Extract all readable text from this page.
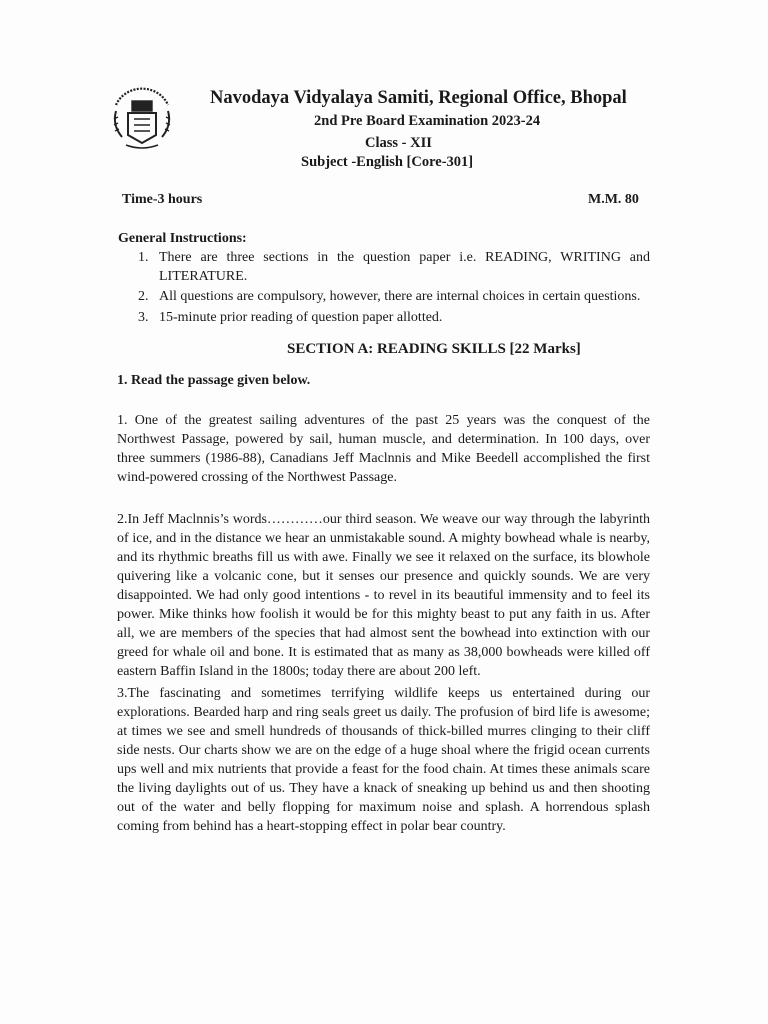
Navodaya Vidyalaya Samiti, Regional Office, Bhopal
2nd Pre Board Examination 2023-24
Class - XII
Subject -English [Core-301]
Time-3 hours	M.M. 80
General Instructions:
1. There are three sections in the question paper i.e. READING, WRITING and LITERATURE.
2. All questions are compulsory, however, there are internal choices in certain questions.
3. 15-minute prior reading of question paper allotted.
SECTION A: READING SKILLS [22 Marks]
1. Read the passage given below.

1. One of the greatest sailing adventures of the past 25 years was the conquest of the Northwest Passage, powered by sail, human muscle, and determination. In 100 days, over three summers (1986-88), Canadians Jeff Maclnnis and Mike Beedell accomplished the first wind-powered crossing of the Northwest Passage.

2.In Jeff Maclnnis’s words…………our third season. We weave our way through the labyrinth of ice, and in the distance we hear an unmistakable sound. A mighty bowhead whale is nearby, and its rhythmic breaths fill us with awe. Finally we see it relaxed on the surface, its blowhole quivering like a volcanic cone, but it senses our presence and quickly sounds. We are very disappointed. We had only good intentions - to revel in its beautiful immensity and to feel its power. Mike thinks how foolish it would be for this mighty beast to put any faith in us. After all, we are members of the species that had almost sent the bowhead into extinction with our greed for whale oil and bone. It is estimated that as many as 38,000 bowheads were killed off eastern Baffin Island in the 1800s; today there are about 200 left.

3.The fascinating and sometimes terrifying wildlife keeps us entertained during our explorations. Bearded harp and ring seals greet us daily. The profusion of bird life is awesome; at times we see and smell hundreds of thousands of thick-billed murres clinging to their cliff side nests. Our charts show we are on the edge of a huge shoal where the frigid ocean currents ups well and mix nutrients that provide a feast for the food chain. At times these animals scare the living daylights out of us. They have a knack of sneaking up behind us and then shooting out of the water and belly flopping for maximum noise and splash. A horrendous splash coming from behind has a heart-stopping effect in polar bear country.
